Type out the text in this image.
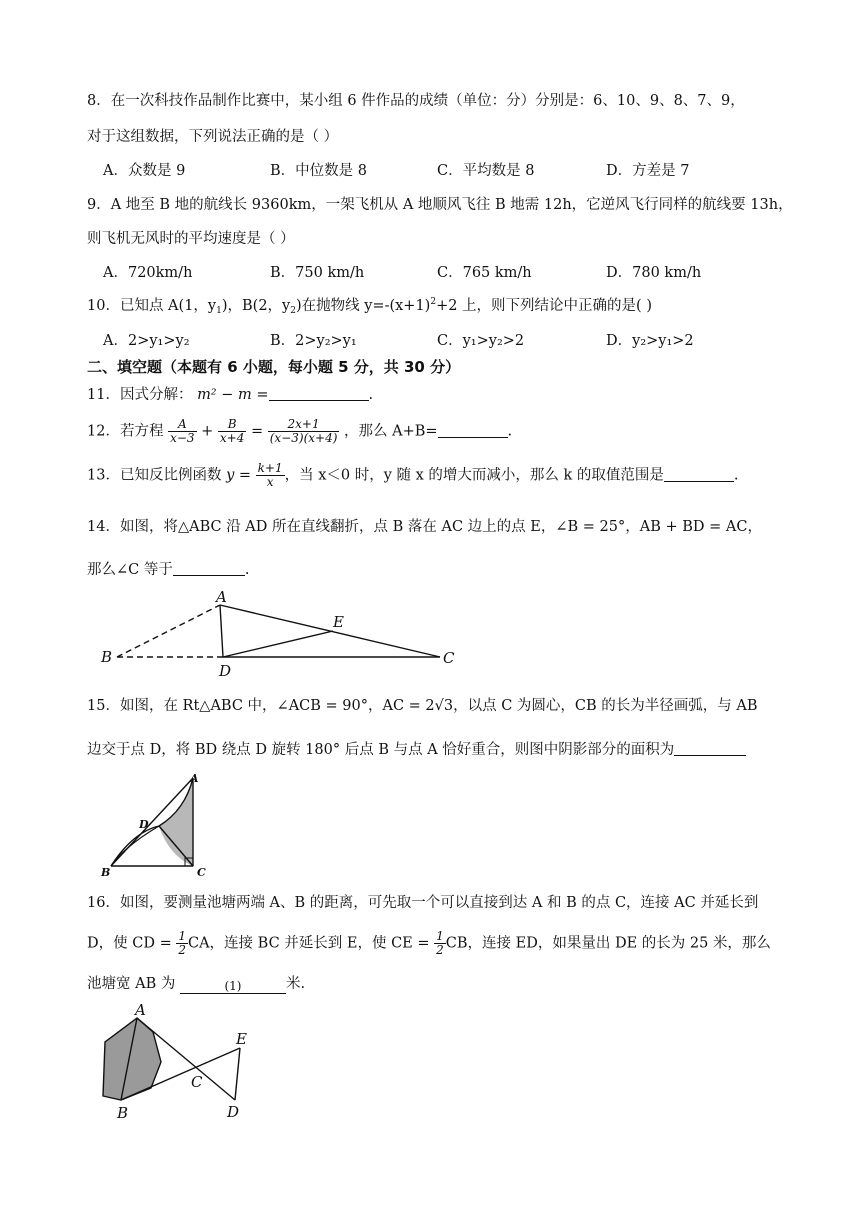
8．在一次科技作品制作比赛中，某小组 6 件作品的成绩（单位：分）分别是：6、10、9、8、7、9，
对于这组数据，下列说法正确的是（ ）
A．众数是 9	B．中位数是 8	C．平均数是 8	D．方差是 7
9．A 地至 B 地的航线长 9360km，一架飞机从 A 地顺风飞往 B 地需 12h，它逆风飞行同样的航线要 13h，
则飞机无风时的平均速度是（ ）
A．720km/h	B．750 km/h	C．765 km/h	D．780 km/h
10．已知点 A(1，$y_1$)，B(2，$y_2$)在抛物线 $y=-(x+1)^2+2$ 上，则下列结论中正确的是( )
A．2>y₁>y₂	B．2>y₂>y₁	C．y₁>y₂>2	D．y₂>y₁>2
二、填空题（本题有 6 小题，每小题 5 分，共 30 分）
11．因式分解： m² − m =	.
12．若方程 $\frac{A}{x-3} + \frac{B}{x+4} = \frac{2x+1}{(x-3)(x+4)}$ ，那么 A+B=	.
13．已知反比例函数 $y = \frac{k+1}{x}$ ，当 x＜0 时，y 随 x 的增大而减小，那么 k 的取值范围是	.
14．如图，将△ABC 沿 AD 所在直线翻折，点 B 落在 AC 边上的点 E，∠B = 25°，AB + BD = AC，
那么∠C 等于	.
A
B	C
D
E
15．如图，在 Rt△ABC 中，∠ACB = 90°，AC = 2√3，以点 C 为圆心，CB 的长为半径画弧，与 AB
边交于点 D，将 BD 绕点 D 旋转 180° 后点 B 与点 A 恰好重合，则图中阴影部分的面积为
A
B	C
D
16．如图，要测量池塘两端 A、B 的距离，可先取一个可以直接到达 A 和 B 的点 C，连接 AC 并延长到
D，使 CD = $\frac{1}{2}$ CA，连接 BC 并延长到 E，使 CE = $\frac{1}{2}$ CB，连接 ED，如果量出 DE 的长为 25 米，那么
池塘宽 AB 为	(1)	米.
A
B
C
D
E
